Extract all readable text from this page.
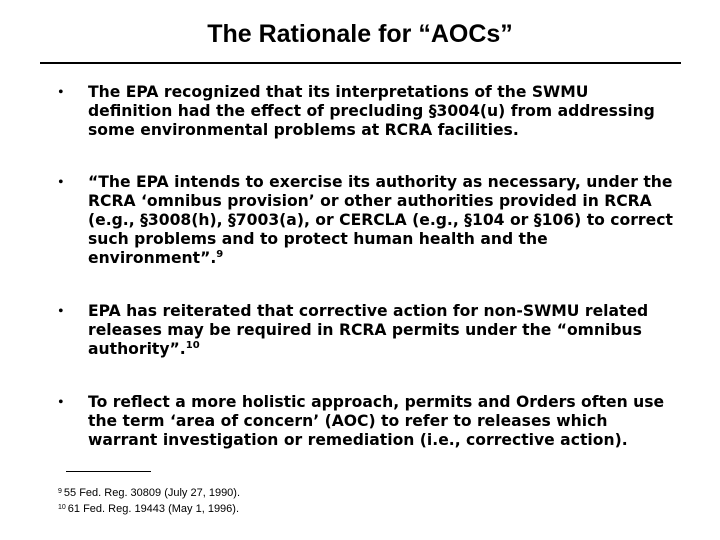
The Rationale for “AOCs”
• The EPA recognized that its interpretations of the SWMU definition had the effect of precluding §3004(u) from addressing some environmental problems at RCRA facilities.
• “The EPA intends to exercise its authority as necessary, under the RCRA ‘omnibus provision’ or other authorities provided in RCRA (e.g., §3008(h), §7003(a), or CERCLA (e.g., §104 or §106) to correct such problems and to protect human health and the environment”.$^9$
• EPA has reiterated that corrective action for non-SWMU related releases may be required in RCRA permits under the “omnibus authority”.$^{10}$
• To reflect a more holistic approach, permits and Orders often use the term ‘area of concern’ (AOC) to refer to releases which warrant investigation or remediation (i.e., corrective action).
$^9$ 55 Fed. Reg. 30809 (July 27, 1990).
$^{10}$ 61 Fed. Reg. 19443 (May 1, 1996).
